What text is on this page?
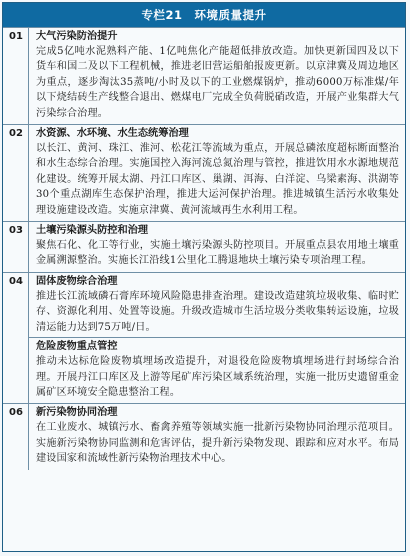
专栏21　环境质量提升
01	大气污染防治提升
完成5亿吨水泥熟料产能、1亿吨焦化产能超低排放改造。加快更新国四及以下货车和国二及以下工程机械，推进老旧营运船舶报废更新。以京津冀及周边地区为重点，逐步淘汰35蒸吨/小时及以下的工业燃煤锅炉，推动6000万标准煤/年以下烧结砖生产线整合退出、燃煤电厂完成全负荷脱硝改造，开展产业集群大气污染综合治理。
02	水资源、水环境、水生态统筹治理
以长江、黄河、珠江、淮河、松花江等流域为重点，开展总磷浓度超标断面整治和水生态综合治理。实施国控入海河流总氮治理与管控，推进饮用水水源地规范化建设。统筹开展太湖、丹江口库区、巢湖、洱海、白洋淀、乌梁素海、洪湖等30个重点湖库生态保护治理，推进大运河保护治理。推进城镇生活污水收集处理设施建设改造。实施京津冀、黄河流域再生水利用工程。
03	土壤污染源头防控和治理
聚焦石化、化工等行业，实施土壤污染源头防控项目。开展重点县农用地土壤重金属溯源整治。实施长江沿线1公里化工腾退地块土壤污染专项治理工程。
04	固体废物综合治理
推进长江流域磷石膏库环境风险隐患排查治理。建设改造建筑垃圾收集、临时贮存、资源化利用、处置等设施。升级改造城市生活垃圾分类收集转运设施，垃圾清运能力达到75万吨/日。
危险废物重点管控
推动未达标危险废物填埋场改造提升，对退役危险废物填埋场进行封场综合治理。开展丹江口库区及上游等尾矿库污染区域系统治理，实施一批历史遗留重金属矿区环境安全隐患整治工程。
06	新污染物协同治理
在工业废水、城镇污水、畜禽养殖等领域实施一批新污染物协同治理示范项目。实施新污染物协同监测和危害评估，提升新污染物发现、跟踪和应对水平。布局建设国家和流域性新污染物治理技术中心。
